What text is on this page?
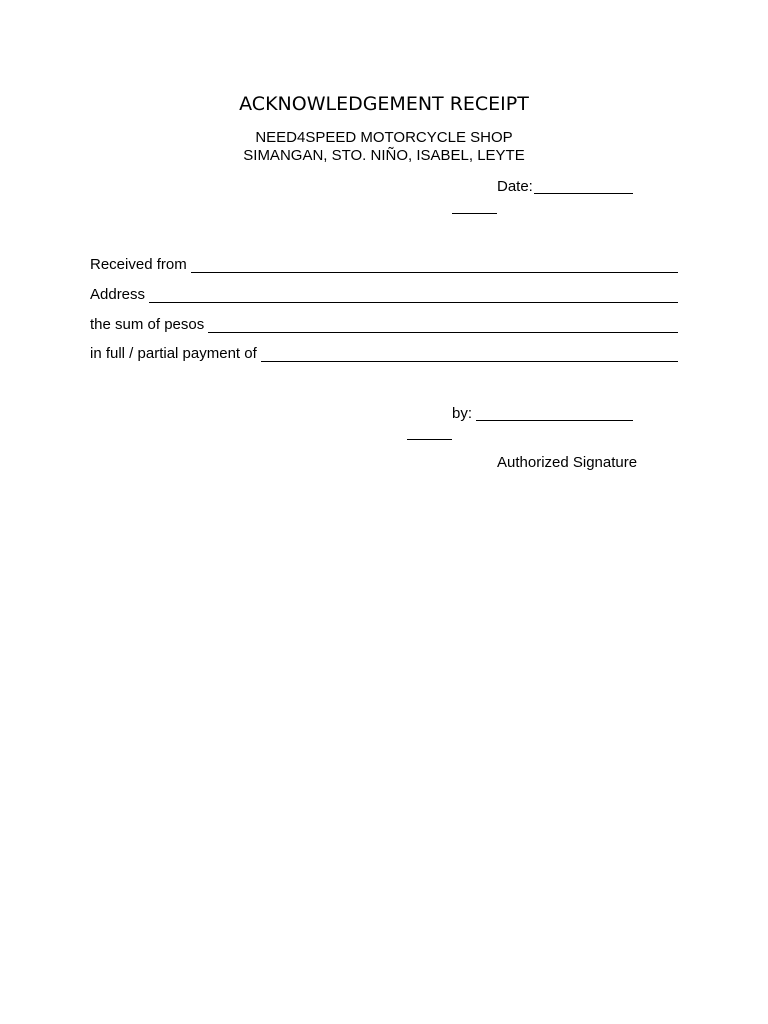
ACKNOWLEDGEMENT RECEIPT
NEED4SPEED MOTORCYCLE SHOP
SIMANGAN, STO. NIÑO, ISABEL, LEYTE
Date:
Received from
Address
the sum of pesos
in full / partial payment of
by:
Authorized Signature
